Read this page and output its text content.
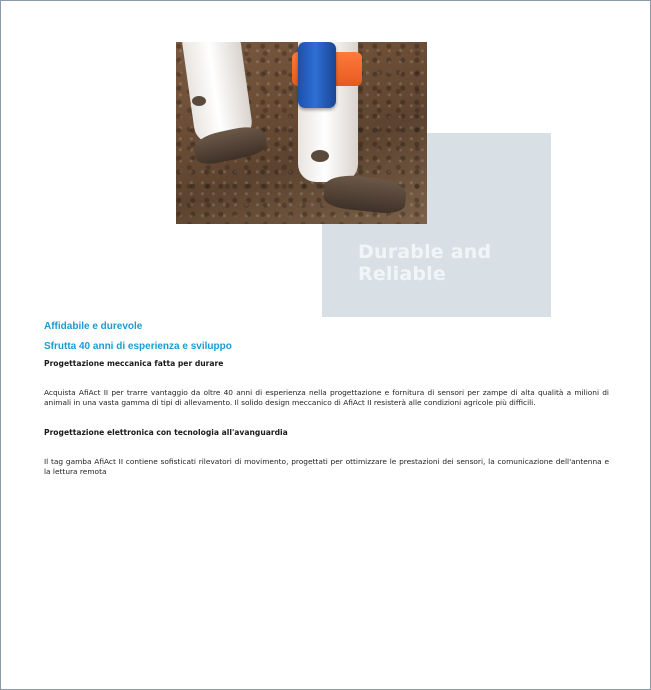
Durable and Reliable

Affidabile e durevole

Sfrutta 40 anni di esperienza e sviluppo

Progettazione meccanica fatta per durare

Acquista AfiAct II per trarre vantaggio da oltre 40 anni di esperienza nella progettazione e fornitura di sensori per zampe di alta qualità a milioni di animali in una vasta gamma di tipi di allevamento. Il solido design meccanico di AfiAct II resisterà alle condizioni agricole più difficili.

Progettazione elettronica con tecnologia all'avanguardia

Il tag gamba AfiAct II contiene sofisticati rilevatori di movimento, progettati per ottimizzare le prestazioni dei sensori, la comunicazione dell'antenna e la lettura remota
